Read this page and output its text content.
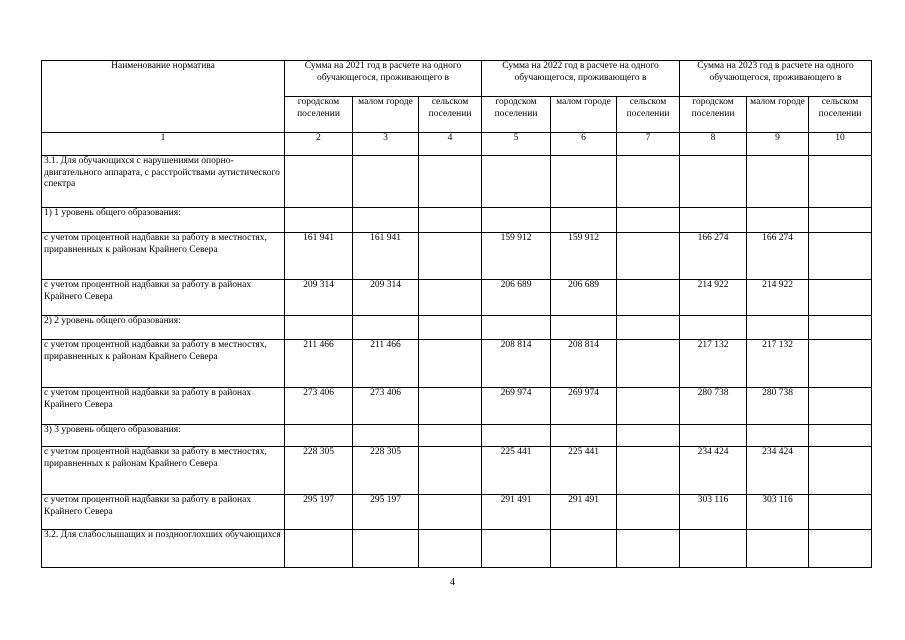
Наименование норматива	Сумма на 2021 год в расчете на одного обучающегося, проживающего в			Сумма на 2022 год в расчете на одного обучающегося, проживающего в			Сумма на 2023 год в расчете на одного обучающегося, проживающего в		
	городском поселении	малом городе	сельском поселении	городском поселении	малом городе	сельском поселении	городском поселении	малом городе	сельском поселении
1	2	3	4	5	6	7	8	9	10
3.1. Для обучающихся с нарушениями опорно-двигательного аппарата, с расстройствами аутистического спектра									
1) 1 уровень общего образования:									
с учетом процентной надбавки за работу в местностях, приравненных к районам Крайнего Севера	161 941	161 941		159 912	159 912		166 274	166 274	
с учетом процентной надбавки за работу в районах Крайнего Севера	209 314	209 314		206 689	206 689		214 922	214 922	
2) 2 уровень общего образования:									
с учетом процентной надбавки за работу в местностях, приравненных к районам Крайнего Севера	211 466	211 466		208 814	208 814		217 132	217 132	
с учетом процентной надбавки за работу в районах Крайнего Севера	273 406	273 406		269 974	269 974		280 738	280 738	
3) 3 уровень общего образования:									
с учетом процентной надбавки за работу в местностях, приравненных к районам Крайнего Севера	228 305	228 305		225 441	225 441		234 424	234 424	
с учетом процентной надбавки за работу в районах Крайнего Севера	295 197	295 197		291 491	291 491		303 116	303 116	
3.2. Для слабослышащих и позднооглохших обучающихся									
4
